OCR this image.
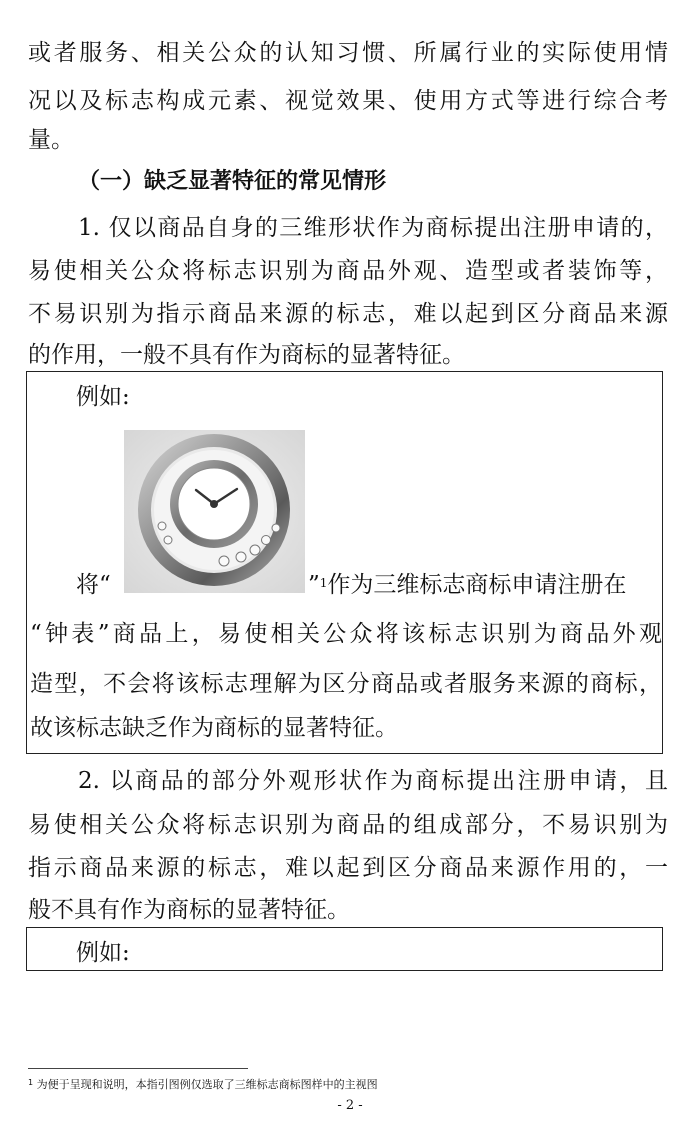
或者服务、相关公众的认知习惯、所属行业的实际使用情
况以及标志构成元素、视觉效果、使用方式等进行综合考
量。
（一）缺乏显著特征的常见情形
1. 仅以商品自身的三维形状作为商标提出注册申请的，
易使相关公众将标志识别为商品外观、造型或者装饰等，
不易识别为指示商品来源的标志，难以起到区分商品来源
的作用，一般不具有作为商标的显著特征。
例如:
将“	”$^1$作为三维标志商标申请注册在
“钟表”商品上，易使相关公众将该标志识别为商品外观
造型，不会将该标志理解为区分商品或者服务来源的商标，
故该标志缺乏作为商标的显著特征。
2. 以商品的部分外观形状作为商标提出注册申请，且
易使相关公众将标志识别为商品的组成部分，不易识别为
指示商品来源的标志，难以起到区分商品来源作用的，一
般不具有作为商标的显著特征。
例如:
$^1$ 为便于呈现和说明，本指引图例仅选取了三维标志商标图样中的主视图
- 2 -
